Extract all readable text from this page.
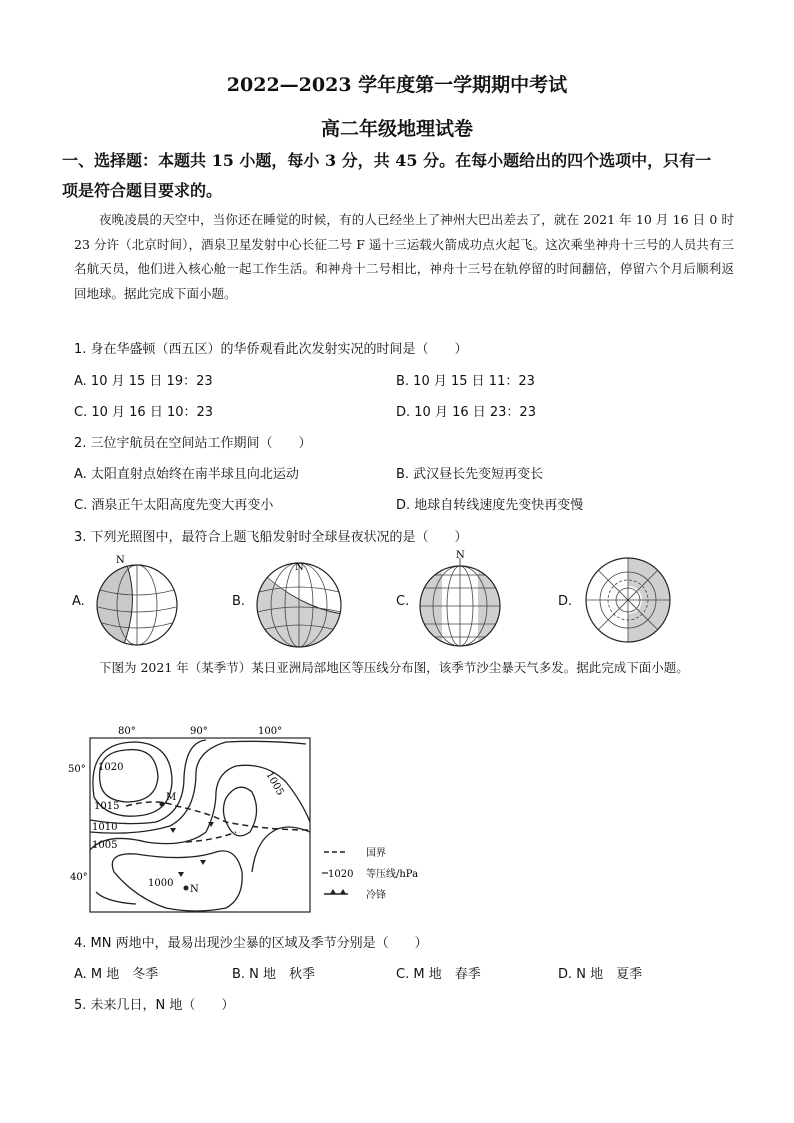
2022—2023 学年度第一学期期中考试
高二年级地理试卷
一、选择题：本题共 15 小题，每小 3 分，共 45 分。在每小题给出的四个选项中，只有一
项是符合题目要求的。
夜晚凌晨的天空中，当你还在睡觉的时候，有的人已经坐上了神州大巴出差去了，就在 2021 年 10 月 16 日 0 时 23 分许（北京时间），酒泉卫星发射中心长征二号 F 遥十三运载火箭成功点火起飞。这次乘坐神舟十三号的人员共有三名航天员，他们进入核心舱一起工作生活。和神舟十二号相比，神舟十三号在轨停留的时间翻倍，停留六个月后顺利返回地球。据此完成下面小题。
1. 身在华盛顿（西五区）的华侨观看此次发射实况的时间是（　　）
A. 10 月 15 日 19：23	B. 10 月 15 日 11：23
C. 10 月 16 日 10：23	D. 10 月 16 日 23：23
2. 三位宇航员在空间站工作期间（　　）
A. 太阳直射点始终在南半球且向北运动	B. 武汉昼长先变短再变长
C. 酒泉正午太阳高度先变大再变小	D. 地球自转线速度先变快再变慢
3. 下列光照图中，最符合上题飞船发射时全球昼夜状况的是（　　）
A.
N
B.
N
C.
N
D.
下图为 2021 年（某季节）某日亚洲局部地区等压线分布图，该季节沙尘暴天气多发。据此完成下面小题。
80°	90°	100°
50°
40°
1020
1015
1010
1005
1000
1005
M
N
国界
1020 等压线/hPa
冷锋
4. MN 两地中，最易出现沙尘暴的区域及季节分别是（　　）
A. M 地　冬季	B. N 地　秋季	C. M 地　春季	D. N 地　夏季
5. 未来几日，N 地（　　）
